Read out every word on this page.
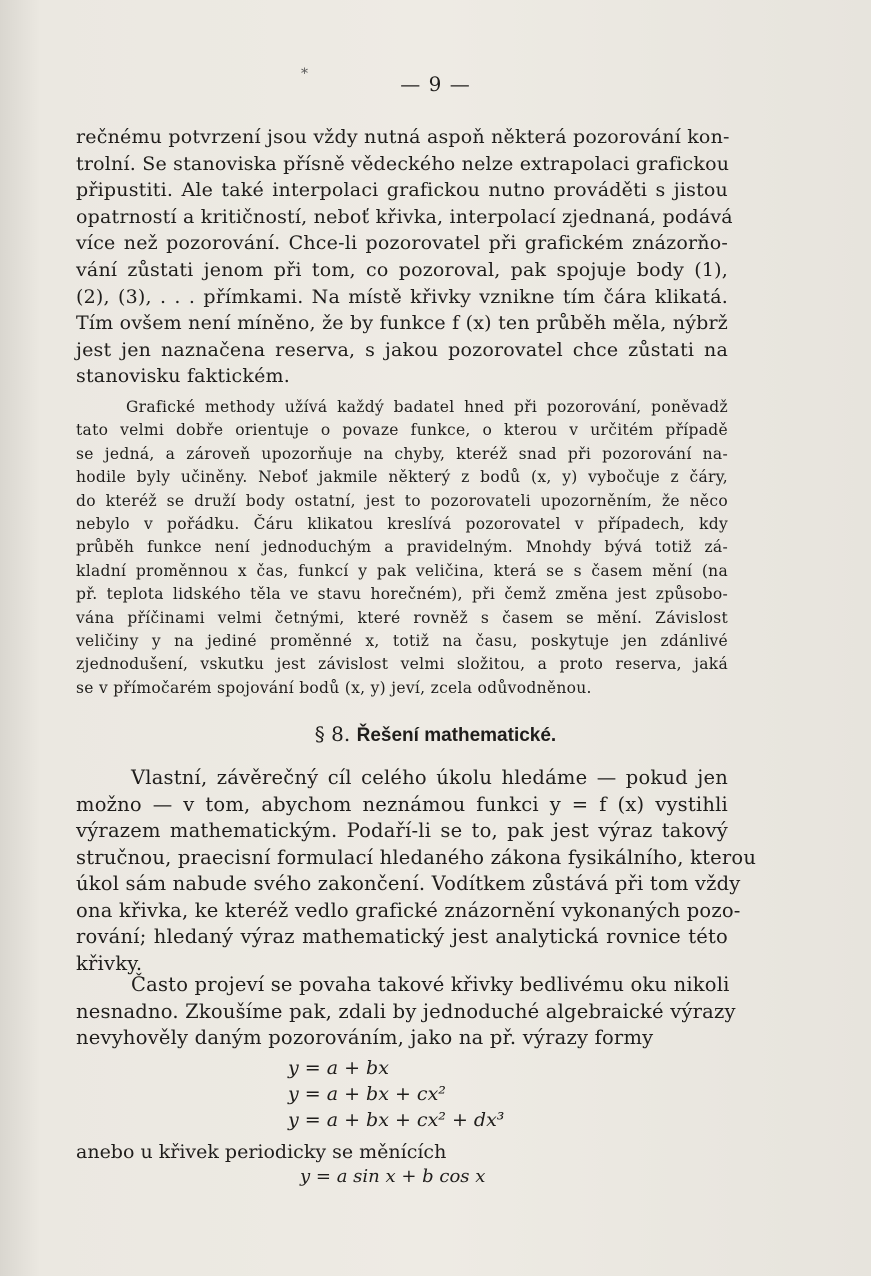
*	— 9 —
rečnému potvrzení jsou vždy nutná aspoň některá pozorování kon-
trolní. Se stanoviska přísně vědeckého nelze extrapolaci grafickou
připustiti. Ale také interpolaci grafickou nutno prováděti s jistou
opatrností a kritičností, neboť křivka, interpolací zjednaná, podává
více než pozorování. Chce-li pozorovatel při grafickém znázorňo-
vání zůstati jenom při tom, co pozoroval, pak spojuje body (1),
(2), (3), . . . přímkami. Na místě křivky vznikne tím čára klikatá.
Tím ovšem není míněno, že by funkce f (x) ten průběh měla, nýbrž
jest jen naznačena reserva, s jakou pozorovatel chce zůstati na
stanovisku faktickém.
Grafické methody užívá každý badatel hned při pozorování, poněvadž
tato velmi dobře orientuje o povaze funkce, o kterou v určitém případě
se jedná, a zároveň upozorňuje na chyby, kteréž snad při pozorování na-
hodile byly učiněny. Neboť jakmile některý z bodů (x, y) vybočuje z čáry,
do kteréž se druží body ostatní, jest to pozorovateli upozorněním, že něco
nebylo v pořádku. Čáru klikatou kreslívá pozorovatel v případech, kdy
průběh funkce není jednoduchým a pravidelným. Mnohdy bývá totiž zá-
kladní proměnnou x čas, funkcí y pak veličina, která se s časem mění (na
př. teplota lidského těla ve stavu horečném), při čemž změna jest způsobo-
vána příčinami velmi četnými, které rovněž s časem se mění. Závislost
veličiny y na jediné proměnné x, totiž na času, poskytuje jen zdánlivé
zjednodušení, vskutku jest závislost velmi složitou, a proto reserva, jaká
se v přímočarém spojování bodů (x, y) jeví, zcela odůvodněnou.
§ 8. Řešení mathematické.
Vlastní, závěrečný cíl celého úkolu hledáme — pokud jen
možno — v tom, abychom neznámou funkci y = f (x) vystihli
výrazem mathematickým. Podaří-li se to, pak jest výraz takový
stručnou, praecisní formulací hledaného zákona fysikálního, kterou
úkol sám nabude svého zakončení. Vodítkem zůstává při tom vždy
ona křivka, ke kteréž vedlo grafické znázornění vykonaných pozo-
rování; hledaný výraz mathematický jest analytická rovnice této
křivky.
Často projeví se povaha takové křivky bedlivému oku nikoli
nesnadno. Zkoušíme pak, zdali by jednoduché algebraické výrazy
nevyhověly daným pozorováním, jako na př. výrazy formy
y = a + bx
y = a + bx + cx²
y = a + bx + cx² + dx³
anebo u křivek periodicky se měnících
y = a sin x + b cos x
